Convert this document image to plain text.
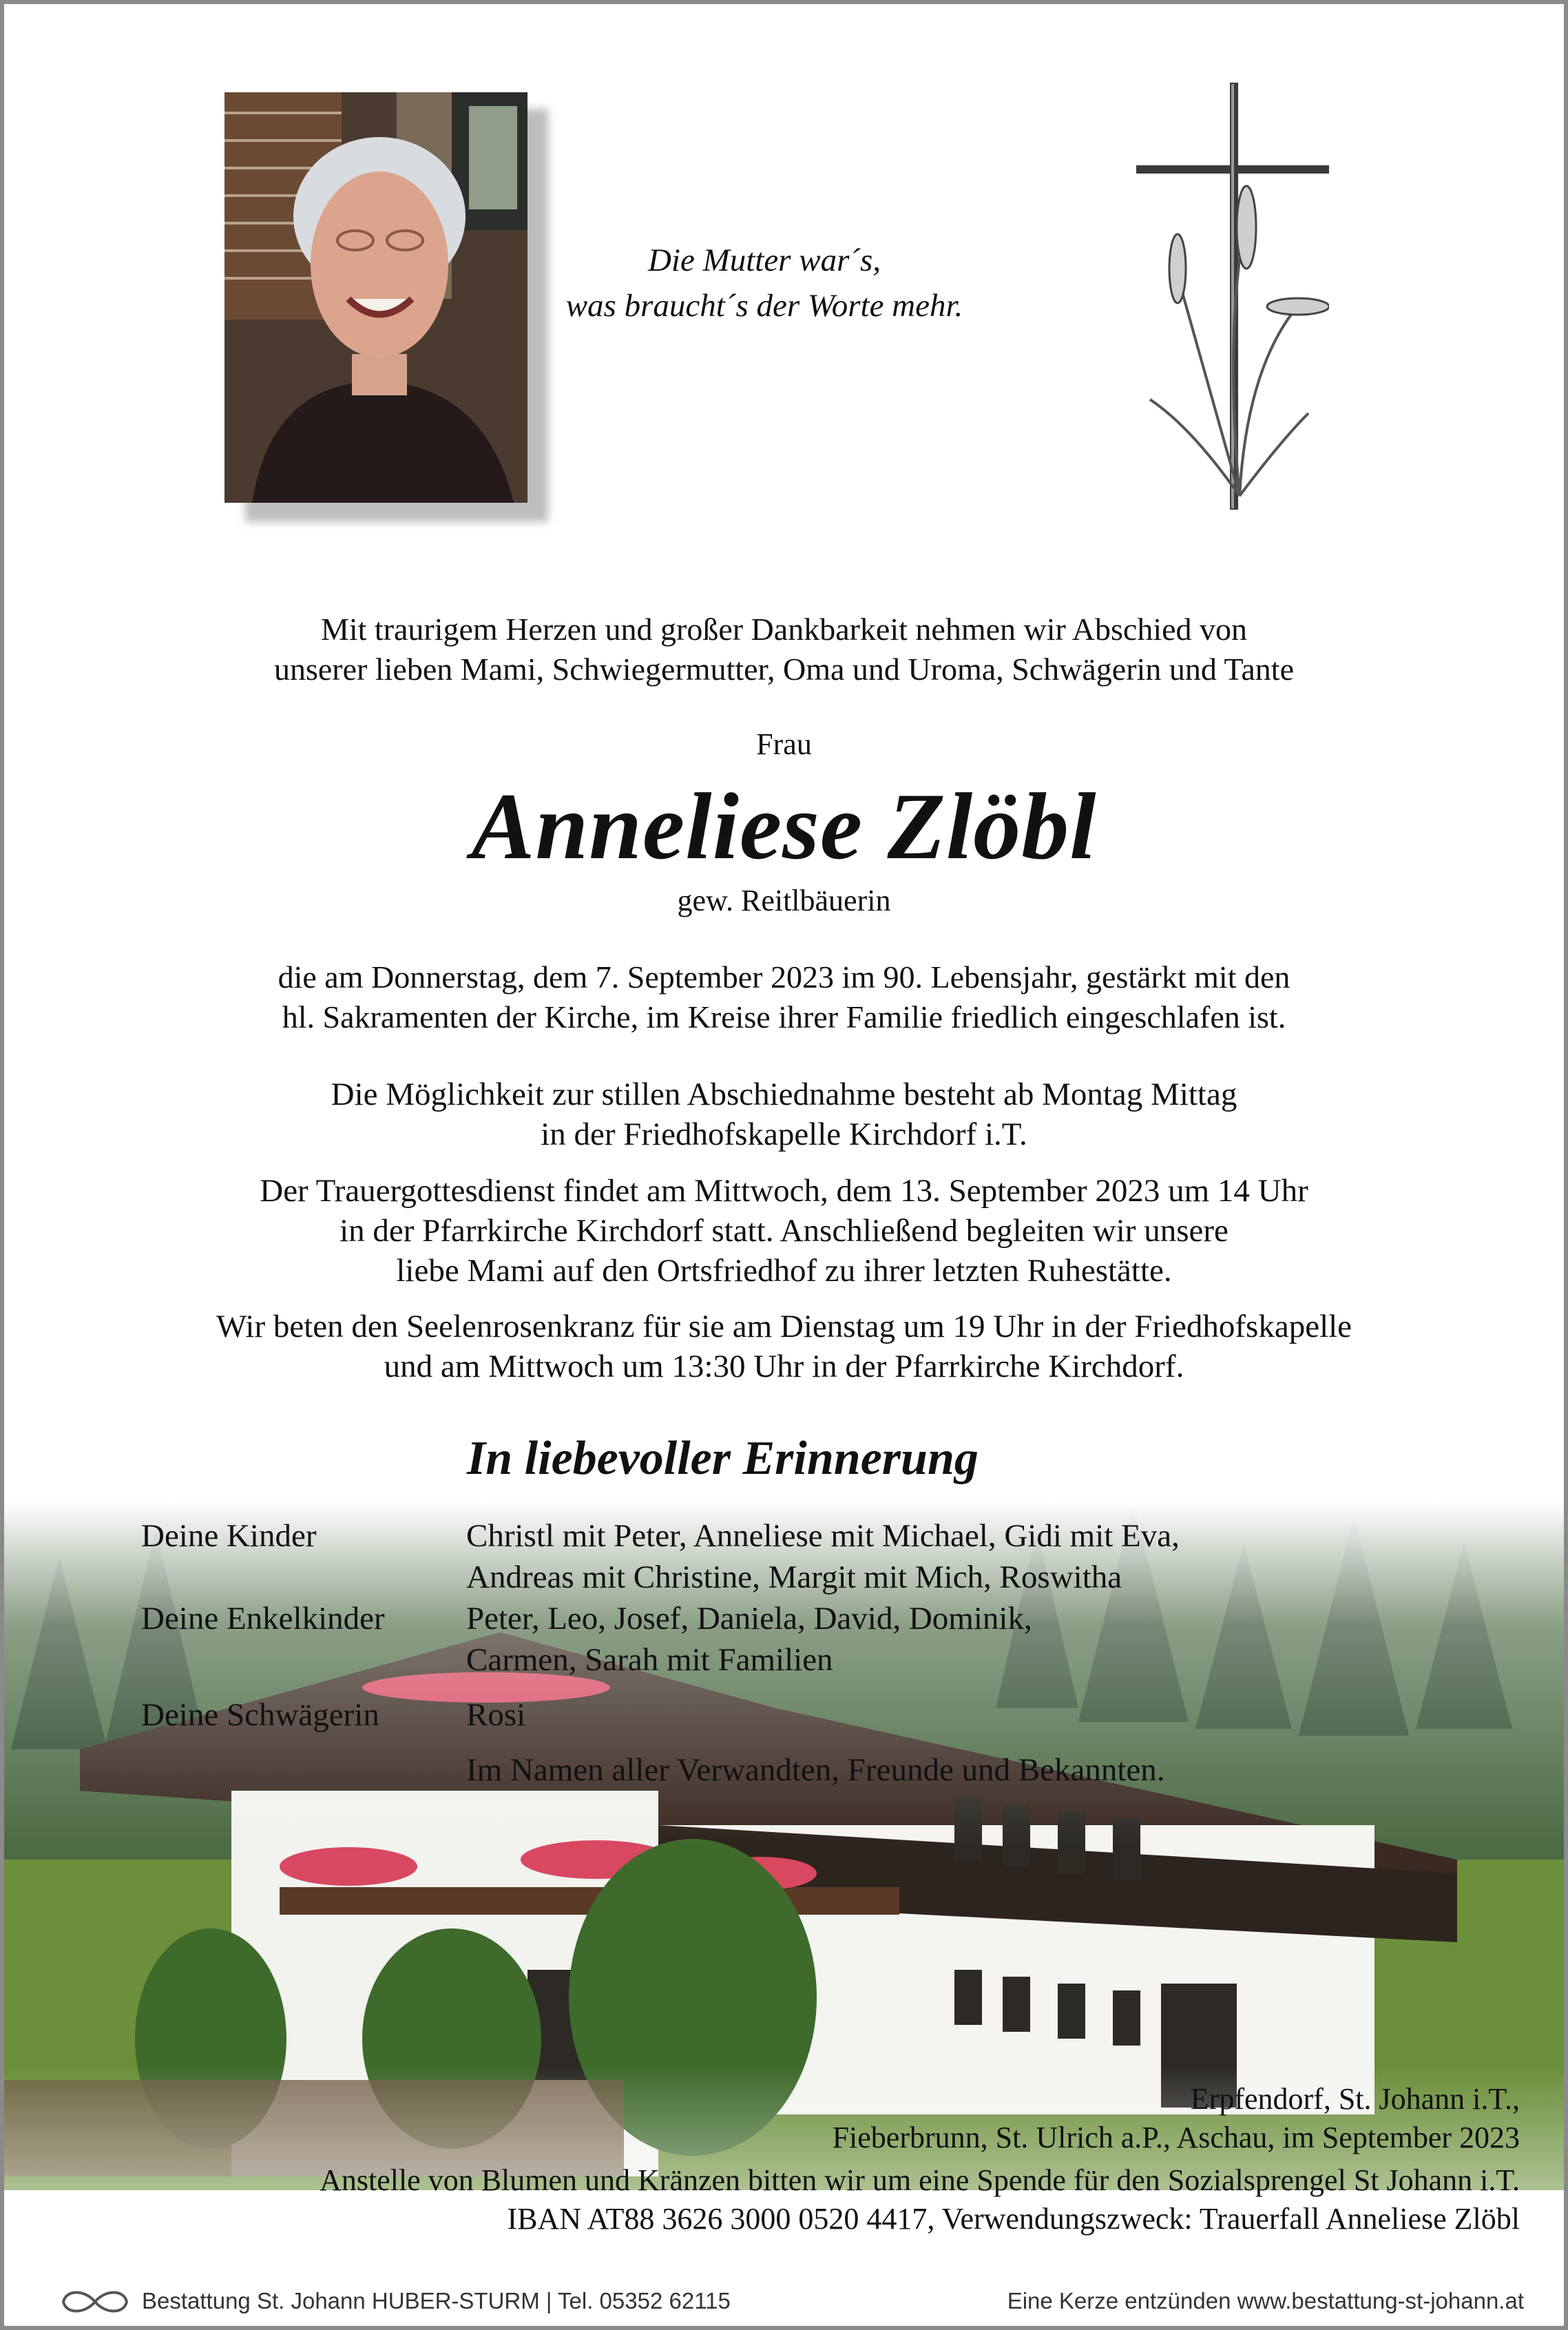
Die Mutter war´s,
was braucht´s der Worte mehr.
Mit traurigem Herzen und großer Dankbarkeit nehmen wir Abschied von
unserer lieben Mami, Schwiegermutter, Oma und Uroma, Schwägerin und Tante
Frau
Anneliese Zlöbl
gew. Reitlbäuerin
die am Donnerstag, dem 7. September 2023 im 90. Lebensjahr, gestärkt mit den
hl. Sakramenten der Kirche, im Kreise ihrer Familie friedlich eingeschlafen ist.
Die Möglichkeit zur stillen Abschiednahme besteht ab Montag Mittag
in der Friedhofskapelle Kirchdorf i.T.
Der Trauergottesdienst findet am Mittwoch, dem 13. September 2023 um 14 Uhr
in der Pfarrkirche Kirchdorf statt. Anschließend begleiten wir unsere
liebe Mami auf den Ortsfriedhof zu ihrer letzten Ruhestätte.
Wir beten den Seelenrosenkranz für sie am Dienstag um 19 Uhr in der Friedhofskapelle
und am Mittwoch um 13:30 Uhr in der Pfarrkirche Kirchdorf.
In liebevoller Erinnerung
Deine Kinder	Christl mit Peter, Anneliese mit Michael, Gidi mit Eva,
Andreas mit Christine, Margit mit Mich, Roswitha
Deine Enkelkinder	Peter, Leo, Josef, Daniela, David, Dominik,
Carmen, Sarah mit Familien
Deine Schwägerin	Rosi
Im Namen aller Verwandten, Freunde und Bekannten.
Erpfendorf, St. Johann i.T.,
Fieberbrunn, St. Ulrich a.P., Aschau, im September 2023
Anstelle von Blumen und Kränzen bitten wir um eine Spende für den Sozialsprengel St Johann i.T.
IBAN AT88 3626 3000 0520 4417, Verwendungszweck: Trauerfall Anneliese Zlöbl
Bestattung St. Johann HUBER-STURM | Tel. 05352 62115	Eine Kerze entzünden www.bestattung-st-johann.at
